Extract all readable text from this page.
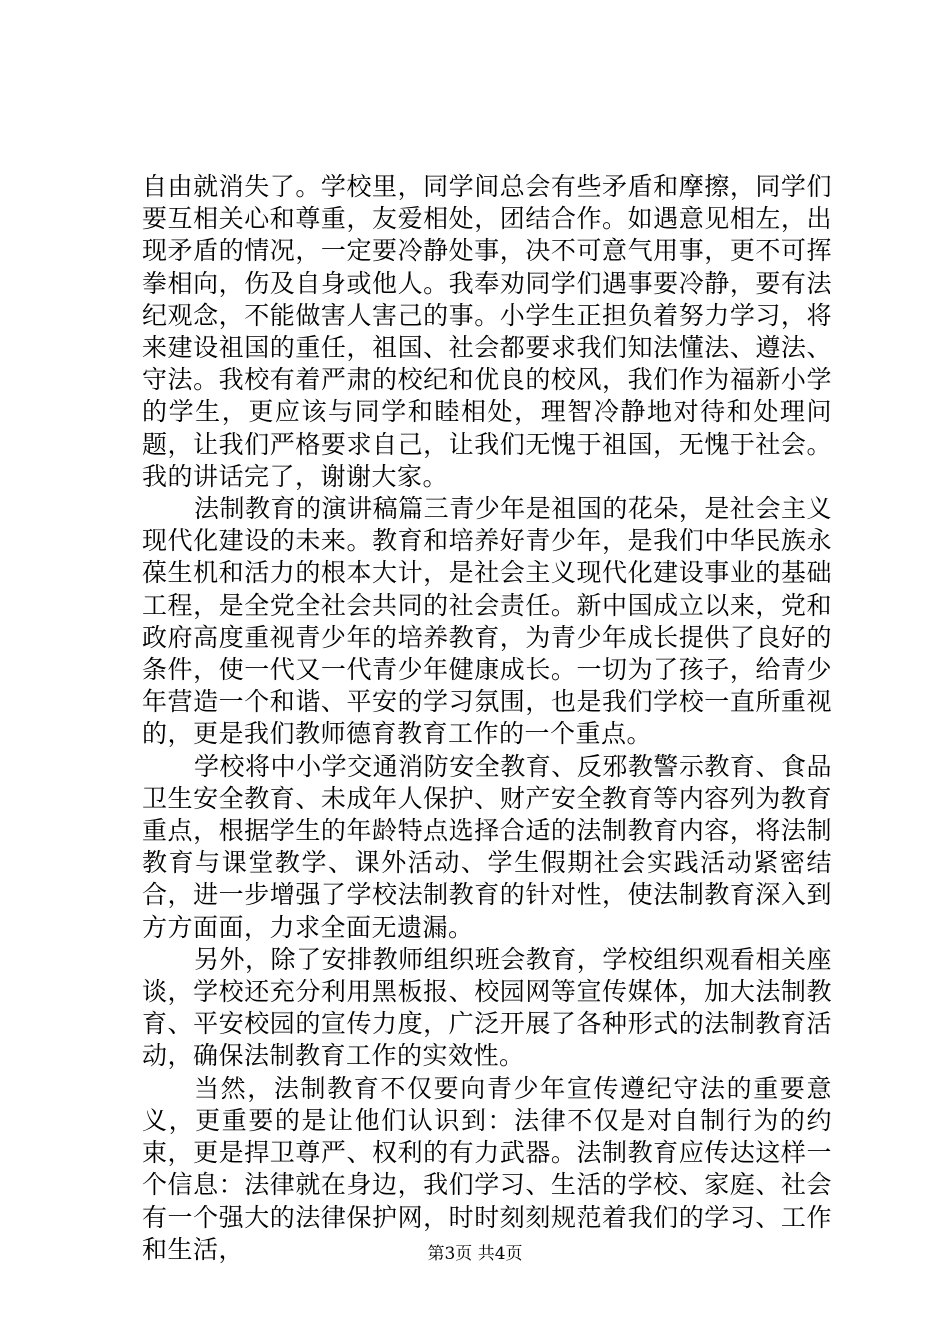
自由就消失了。学校里，同学间总会有些矛盾和摩擦，同学们要互相关心和尊重，友爱相处，团结合作。如遇意见相左，出现矛盾的情况，一定要冷静处事，决不可意气用事，更不可挥拳相向，伤及自身或他人。我奉劝同学们遇事要冷静，要有法纪观念，不能做害人害己的事。小学生正担负着努力学习，将来建设祖国的重任，祖国、社会都要求我们知法懂法、遵法、守法。我校有着严肃的校纪和优良的校风，我们作为福新小学的学生，更应该与同学和睦相处，理智冷静地对待和处理问题，让我们严格要求自己，让我们无愧于祖国，无愧于社会。我的讲话完了，谢谢大家。

法制教育的演讲稿篇三青少年是祖国的花朵，是社会主义现代化建设的未来。教育和培养好青少年，是我们中华民族永葆生机和活力的根本大计，是社会主义现代化建设事业的基础工程，是全党全社会共同的社会责任。新中国成立以来，党和政府高度重视青少年的培养教育，为青少年成长提供了良好的条件，使一代又一代青少年健康成长。一切为了孩子，给青少年营造一个和谐、平安的学习氛围，也是我们学校一直所重视的，更是我们教师德育教育工作的一个重点。

学校将中小学交通消防安全教育、反邪教警示教育、食品卫生安全教育、未成年人保护、财产安全教育等内容列为教育重点，根据学生的年龄特点选择合适的法制教育内容，将法制教育与课堂教学、课外活动、学生假期社会实践活动紧密结合，进一步增强了学校法制教育的针对性，使法制教育深入到方方面面，力求全面无遗漏。

另外，除了安排教师组织班会教育，学校组织观看相关座谈，学校还充分利用黑板报、校园网等宣传媒体，加大法制教育、平安校园的宣传力度，广泛开展了各种形式的法制教育活动，确保法制教育工作的实效性。

当然，法制教育不仅要向青少年宣传遵纪守法的重要意义，更重要的是让他们认识到：法律不仅是对自制行为的约束，更是捍卫尊严、权利的有力武器。法制教育应传达这样一个信息：法律就在身边，我们学习、生活的学校、家庭、社会有一个强大的法律保护网，时时刻刻规范着我们的学习、工作和生活，	第3页 共4页
